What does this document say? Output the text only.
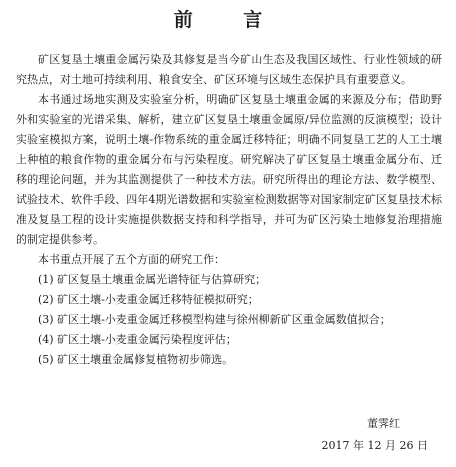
前 言

矿区复垦土壤重金属污染及其修复是当今矿山生态及我国区域性、行业性领域的研究热点，对土地可持续利用、粮食安全、矿区环境与区域生态保护具有重要意义。

本书通过场地实测及实验室分析，明确矿区复垦土壤重金属的来源及分布；借助野外和实验室的光谱采集、解析，建立矿区复垦土壤重金属原/异位监测的反演模型；设计实验室模拟方案，说明土壤-作物系统的重金属迁移特征；明确不同复垦工艺的人工土壤上种植的粮食作物的重金属分布与污染程度。研究解决了矿区复垦土壤重金属分布、迁移的理论问题，并为其监测提供了一种技术方法。研究所得出的理论方法、数学模型、试验技术、软件手段、四年4期光谱数据和实验室检测数据等对国家制定矿区复垦技术标准及复垦工程的设计实施提供数据支持和科学指导，并可为矿区污染土地修复治理措施的制定提供参考。

本书重点开展了五个方面的研究工作：

(1) 矿区复垦土壤重金属光谱特征与估算研究；
(2) 矿区土壤-小麦重金属迁移特征模拟研究；
(3) 矿区土壤-小麦重金属迁移模型构建与徐州柳新矿区重金属数值拟合；
(4) 矿区土壤-小麦重金属污染程度评估；
(5) 矿区土壤重金属修复植物初步筛选。

董霁红

2017 年 12 月 26 日
